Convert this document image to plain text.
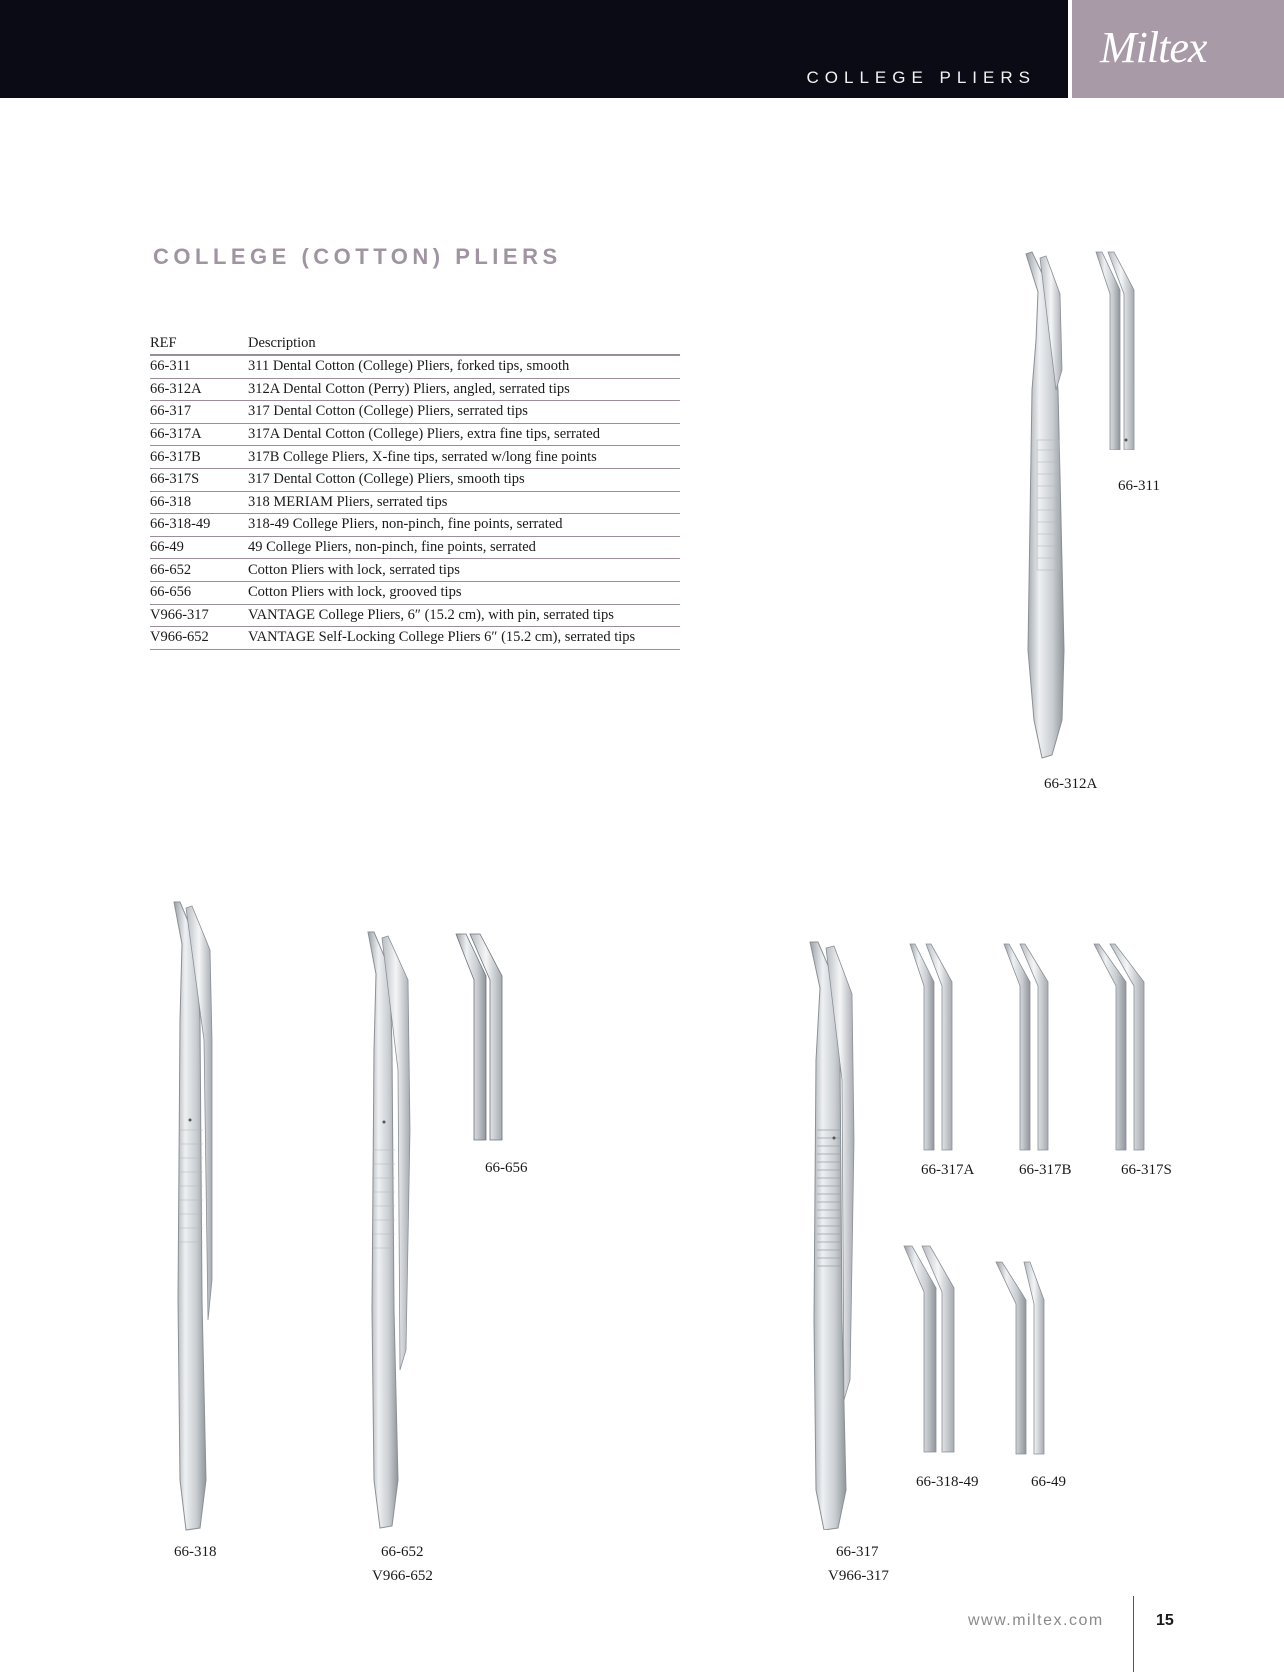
COLLEGE PLIERS
Miltex
COLLEGE (COTTON) PLIERS
REF	Description
66-311	311 Dental Cotton (College) Pliers, forked tips, smooth
66-312A	312A Dental Cotton (Perry) Pliers, angled, serrated tips
66-317	317 Dental Cotton (College) Pliers, serrated tips
66-317A	317A Dental Cotton (College) Pliers, extra fine tips, serrated
66-317B	317B College Pliers, X-fine tips, serrated w/long fine points
66-317S	317 Dental Cotton (College) Pliers, smooth tips
66-318	318 MERIAM Pliers, serrated tips
66-318-49	318-49 College Pliers, non-pinch, fine points, serrated
66-49	49 College Pliers, non-pinch, fine points, serrated
66-652	Cotton Pliers with lock, serrated tips
66-656	Cotton Pliers with lock, grooved tips
V966-317	VANTAGE College Pliers, 6″ (15.2 cm), with pin, serrated tips
V966-652	VANTAGE Self-Locking College Pliers 6″ (15.2 cm), serrated tips
66-312A
66-311
66-318	66-652
V966-652
66-656
66-317
V966-317
66-317A	66-317B	66-317S
66-318-49	66-49
www.miltex.com	15
